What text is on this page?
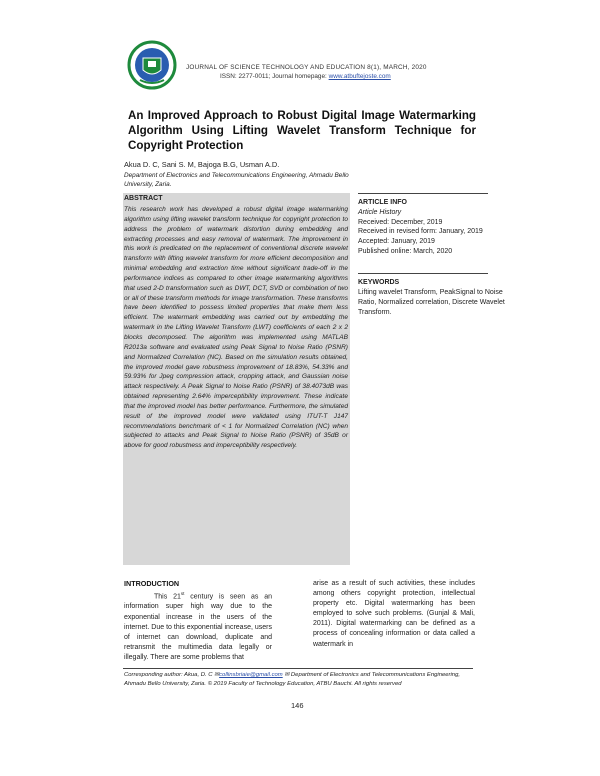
JOURNAL OF SCIENCE TECHNOLOGY AND EDUCATION 8(1), MARCH, 2020
ISSN: 2277-0011; Journal homepage: www.atbuftejoste.com
An Improved Approach to Robust Digital Image Watermarking Algorithm Using Lifting Wavelet Transform Technique for Copyright Protection
Akua D. C, Sani S. M, Bajoga B.G, Usman A.D.
Department of Electronics and Telecommunications Engineering, Ahmadu Bello University, Zaria.
ABSTRACT
This research work has developed a robust digital image watermarking algorithm using lifting wavelet transform technique for copyright protection to address the problem of watermark distortion during embedding and extracting processes and easy removal of watermark. The improvement in this work is predicated on the replacement of conventional discrete wavelet transform with lifting wavelet transform for more efficient decomposition and minimal embedding and extraction time without significant trade-off in the performance indices as compared to other image watermarking algorithms that used 2-D transformation such as DWT, DCT, SVD or combination of two or all of these transform methods for image transformation. These transforms have been identified to possess limited properties that make them less efficient. The watermark embedding was carried out by embedding the watermark in the Lifting Wavelet Transform (LWT) coefficients of each 2 x 2 blocks decomposed. The algorithm was implemented using MATLAB R2013a software and evaluated using Peak Signal to Noise Ratio (PSNR) and Normalized Correlation (NC). Based on the simulation results obtained, the improved model gave robustness improvement of 18.83%, 54.33% and 59.93% for Jpeg compression attack, cropping attack, and Gaussian noise attack respectively. A Peak Signal to Noise Ratio (PSNR) of 38.4073dB was obtained representing 2.64% imperceptibility improvement. These indicate that the improved model has better performance. Furthermore, the simulated result of the improved model were validated using ITUT-T J147 recommendations benchmark of < 1 for Normalized Correlation (NC) when subjected to attacks and Peak Signal to Noise Ratio (PSNR) of 35dB or above for good robustness and imperceptibility respectively.
ARTICLE INFO
Article History
Received: December, 2019
Received in revised form: January, 2019
Accepted: January, 2019
Published online: March, 2020
KEYWORDS
Lifting wavelet Transform, PeakSignal to Noise Ratio, Normalized correlation, Discrete Wavelet Transform.
INTRODUCTION
This 21st century is seen as an information super high way due to the exponential increase in the users of the internet. Due to this exponential increase, users of internet can download, duplicate and retransmit the multimedia data legally or illegally. There are some problems that
arise as a result of such activities, these includes among others copyright protection, intellectual property etc. Digital watermarking has been employed to solve such problems. (Gunjal & Mali, 2011). Digital watermarking can be defined as a process of concealing information or data called a watermark in
Corresponding author: Akua, D. C ✉collinsbriaie@gmail.com ✉ Department of Electronics and Telecommunications Engineering, Ahmadu Bello University, Zaria. © 2019 Faculty of Technology Education, ATBU Bauchi. All rights reserved
146
